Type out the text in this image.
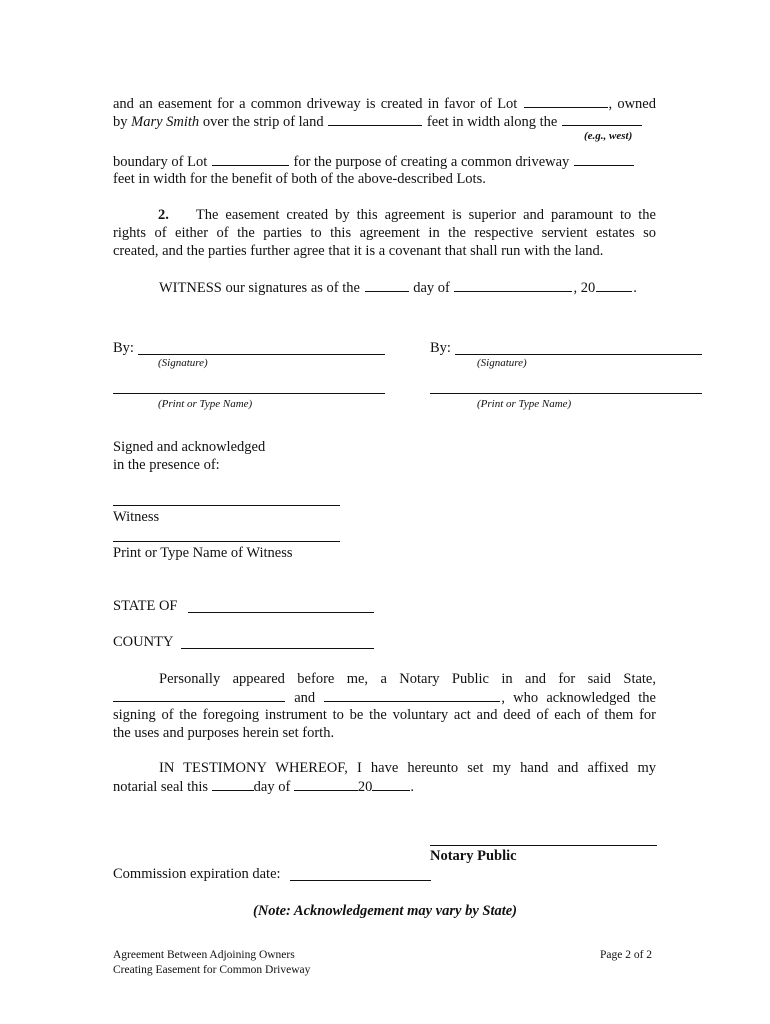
and an easement for a common driveway is created in favor of Lot	, owned
by Mary Smith over the strip of land	feet in width along the
(e.g., west)
boundary of Lot	for the purpose of creating a common driveway
feet in width for the benefit of both of the above-described Lots.
2. The easement created by this agreement is superior and paramount to the
rights of either of the parties to this agreement in the respective servient estates so
created, and the parties further agree that it is a covenant that shall run with the land.
WITNESS our signatures as of the	day of	, 20	.
By:
(Signature)
(Print or Type Name)
By:
(Signature)
(Print or Type Name)
Signed and acknowledged
in the presence of:
Witness
Print or Type Name of Witness
STATE OF
COUNTY
Personally appeared before me, a Notary Public in and for said State,
and	, who acknowledged the
signing of the foregoing instrument to be the voluntary act and deed of each of them for
the uses and purposes herein set forth.
IN TESTIMONY WHEREOF, I have hereunto set my hand and affixed my
notarial seal this	day of	20	.
Notary Public
Commission expiration date:
(Note: Acknowledgement may vary by State)
Agreement Between Adjoining Owners
Creating Easement for Common Driveway
Page 2 of 2
